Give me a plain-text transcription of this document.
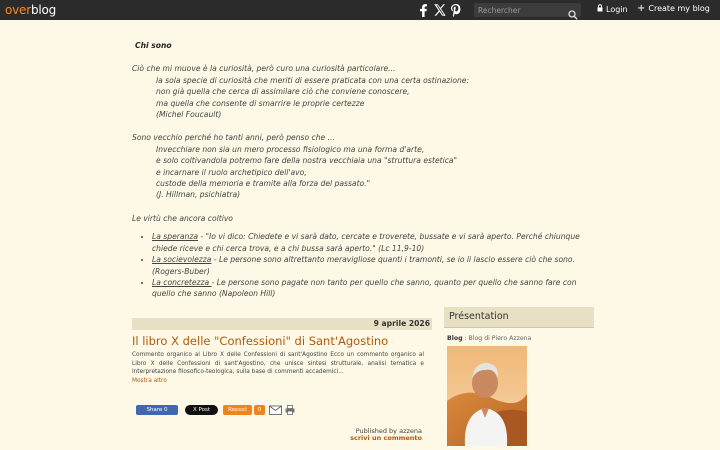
overblog
Rechercher	Login + Create my blog
Chi sono
Ciò che mi muove è la curiosità, però curo una curiosità particolare...
la sola specie di curiosità che meriti di essere praticata con una certa ostinazione:
non già quella che cerca di assimilare ciò che conviene conoscere,
ma quella che consente di smarrire le proprie certezze
(Michel Foucault)
Sono vecchio perché ho tanti anni, però penso che ...
Invecchiare non sia un mero processo fisiologico ma una forma d'arte,
e solo coltivandola potremo fare della nostra vecchiaia una "struttura estetica"
e incarnare il ruolo archetipico dell'avo,
custode della memoria e tramite alla forza del passato."
(J. Hillman, psichiatra)
Le virtù che ancora coltivo
• La speranza - "Io vi dico: Chiedete e vi sarà dato, cercate e troverete, bussate e vi sarà aperto. Perché chiunque chiede riceve e chi cerca trova, e a chi bussa sarà aperto." (Lc 11,9-10)
• La socievolezza - Le persone sono altrettanto meravigliose quanti i tramonti, se io li lascio essere ciò che sono. (Rogers-Buber)
• La concretezza - Le persone sono pagate non tanto per quello che sanno, quanto per quello che sanno fare con quello che sanno (Napoleon Hill)
9 aprile 2026
Il libro X delle "Confessioni" di Sant'Agostino
Commento organico al Libro X delle Confessioni di sant'Agostino Ecco un commento organico al Libro X delle Confessioni di sant'Agostino, che unisce sintesi strutturale, analisi tematica e interpretazione filosofico-teologica, sulla base di commenti accademici...
Mostra altro
Share 0	X Post	Repost 0
Published by azzena
scrivi un commento
Présentation
Blog : Blog di Piero Azzena
